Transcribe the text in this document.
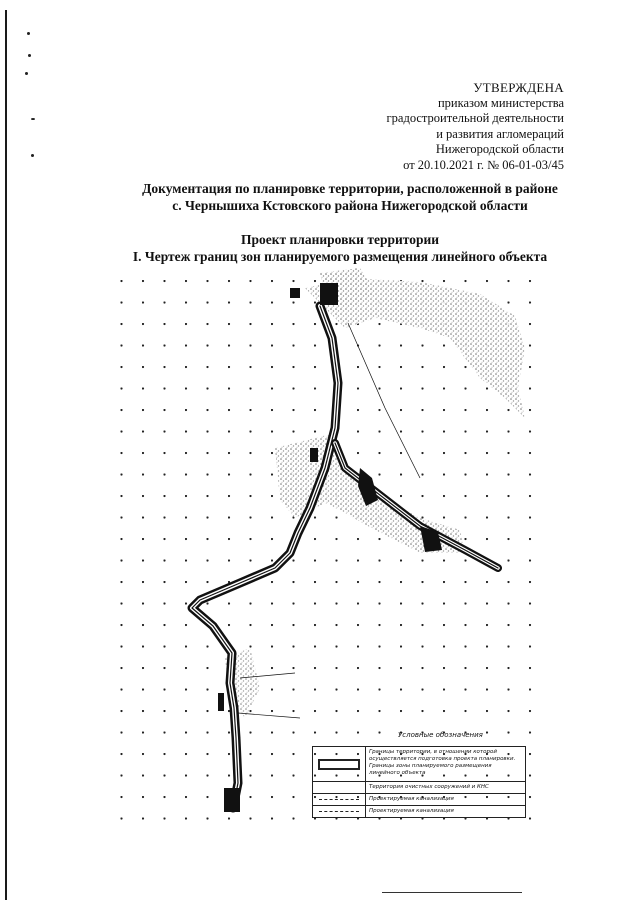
УТВЕРЖДЕНА
приказом министерства
градостроительной деятельности
и развития агломераций
Нижегородской области
от 20.10.2021 г. № 06-01-03/45
Документация по планировке территории, расположенной в районе
с. Чернышиха Кстовского района Нижегородской области
Проект планировки территории
I. Чертеж границ зон планируемого размещения линейного объекта
Условные обозначения
Границы территории, в отношении которой осуществляется подготовка проекта планировки. Границы зоны планируемого размещения линейного объекта
Территория очистных сооружений и КНС
Проектируемая канализация
Проектируемая канализация
